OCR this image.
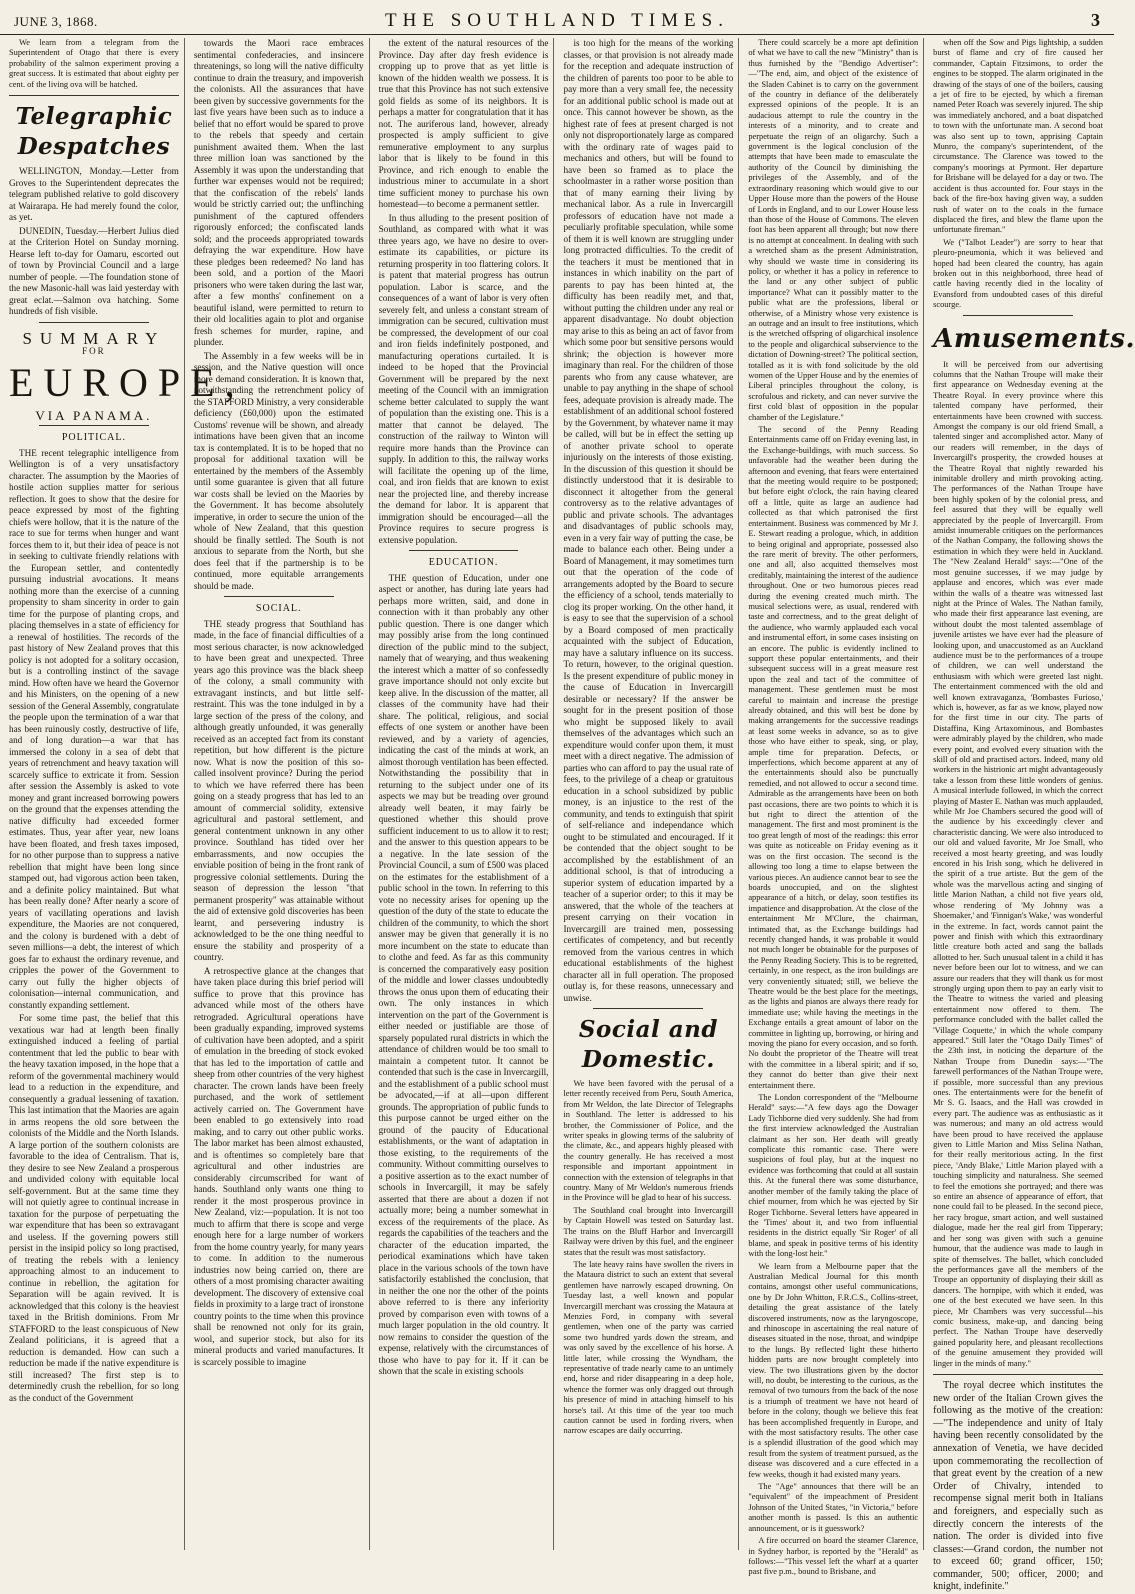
JUNE 3, 1868.	THE SOUTHLAND TIMES.	3

We learn from a telegram from the Superintendent of Otago that there is every probability of the salmon experiment proving a great success. It is estimated that about eighty per cent. of the living ova will be hatched.

Telegraphic Despatches

WELLINGTON, Monday.—Letter from Groves to the Superintendent deprecates the telegram published relative to gold discovery at Wairarapa. He had merely found the color, as yet.

DUNEDIN, Tuesday.—Herbert Julius died at the Criterion Hotel on Sunday morning. Hearse left to-day for Oamaru, escorted out of town by Provincial Council and a large number of people. —The foundation stone of the new Masonic-hall was laid yesterday with great eclat.—Salmon ova hatching. Some hundreds of fish visible.

SUMMARY
FOR
EUROPE,
VIA PANAMA.
POLITICAL.

THE recent telegraphic intelligence from Wellington is of a very unsatisfactory character. The assumption by the Maories of hostile action supplies matter for serious reflection. It goes to show that the desire for peace expressed by most of the fighting chiefs were hollow, that it is the nature of the race to sue for terms when hunger and want forces them to it, but their idea of peace is not in seeking to cultivate friendly relations with the European settler, and contentedly pursuing industrial avocations. It means nothing more than the exercise of a cunning propensity to sham sincerity in order to gain time for the purpose of planting crops, and placing themselves in a state of efficiency for a renewal of hostilities. The records of the past history of New Zealand proves that this policy is not adopted for a solitary occasion, but is a controlling instinct of the savage mind. How often have we heard the Governor and his Ministers, on the opening of a new session of the General Assembly, congratulate the people upon the termination of a war that has been ruinously costly, destructive of life, and of long duration—a war that has immersed the colony in a sea of debt that years of retrenchment and heavy taxation will scarcely suffice to extricate it from. Session after session the Assembly is asked to vote money and grant increased borrowing powers on the ground that the expenses attending the native difficulty had exceeded former estimates. Thus, year after year, new loans have been floated, and fresh taxes imposed, for no other purpose than to suppress a native rebellion that might have been long since stamped out, had vigorous action been taken, and a definite policy maintained. But what has been really done? After nearly a score of years of vacillating operations and lavish expenditure, the Maories are not conquered, and the colony is burdened with a debt of seven millions—a debt, the interest of which goes far to exhaust the ordinary revenue, and cripples the power of the Government to carry out fully the higher objects of colonisation—internal communication, and constantly expanding settlement.

For some time past, the belief that this vexatious war had at length been finally extinguished induced a feeling of partial contentment that led the public to bear with the heavy taxation imposed, in the hope that a reform of the governmental machinery would lead to a reduction in the expenditure, and consequently a gradual lessening of taxation. This last intimation that the Maories are again in arms reopens the old sore between the colonists of the Middle and the North Islands. A large portion of the southern colonists are favorable to the idea of Centralism. That is, they desire to see New Zealand a prosperous and undivided colony with equitable local self-government. But at the same time they will not quietly agree to continual increase in taxation for the purpose of perpetuating the war expenditure that has been so extravagant and useless. If the governing powers still persist in the insipid policy so long practised, of treating the rebels with a leniency approaching almost to an inducement to continue in rebellion, the agitation for Separation will be again revived. It is acknowledged that this colony is the heaviest taxed in the British dominions. From Mr STAFFORD to the least conspicuous of New Zealand politicians, it is agreed that a reduction is demanded. How can such a reduction be made if the native expenditure is still increased? The first step is to determinedly crush the rebellion, for so long as the conduct of the Government

towards the Maori race embraces sentimental confederacies, and insincere threatenings, so long will the native difficulty continue to drain the treasury, and impoverish the colonists. All the assurances that have been given by successive governments for the last five years have been such as to induce a belief that no effort would be spared to prove to the rebels that speedy and certain punishment awaited them. When the last three million loan was sanctioned by the Assembly it was upon the understanding that further war expenses would not be required; that the confiscation of the rebels' lands would be strictly carried out; the unflinching punishment of the captured offenders rigorously enforced; the confiscated lands sold; and the proceeds appropriated towards defraying the war expenditure. How have these pledges been redeemed? No land has been sold, and a portion of the Maori prisoners who were taken during the last war, after a few months' confinement on a beautiful island, were permitted to return to their old localities again to plot and organise fresh schemes for murder, rapine, and plunder.

The Assembly in a few weeks will be in session, and the Native question will once more demand consideration. It is known that, notwithstanding the retrenchment policy of the STAFFORD Ministry, a very considerable deficiency (£60,000) upon the estimated Customs' revenue will be shown, and already intimations have been given that an income tax is contemplated. It is to be hoped that no proposal for additional taxation will be entertained by the members of the Assembly until some guarantee is given that all future war costs shall be levied on the Maories by the Government. It has become absolutely imperative, in order to secure the union of the whole of New Zealand, that this question should be finally settled. The South is not anxious to separate from the North, but she does feel that if the partnership is to be continued, more equitable arrangements should be made.

SOCIAL.

THE steady progress that Southland has made, in the face of financial difficulties of a most serious character, is now acknowledged to have been great and unexpected. Three years ago this province was the black sheep of the colony, a small community with extravagant instincts, and but little self-restraint. This was the tone indulged in by a large section of the press of the colony, and although greatly unfounded, it was generally received as an accepted fact from its constant repetition, but how different is the picture now. What is now the position of this so-called insolvent province? During the period to which we have referred there has been going on a steady progress that has led to an amount of commercial solidity, extensive agricultural and pastoral settlement, and general contentment unknown in any other province. Southland has tided over her embarrassments, and now occupies the enviable position of being in the front rank of progressive colonial settlements. During the season of depression the lesson "that permanent prosperity" was attainable without the aid of extensive gold discoveries has been learnt, and persevering industry is acknowledged to be the one thing needful to ensure the stability and prosperity of a country.

A retrospective glance at the changes that have taken place during this brief period will suffice to prove that this province has advanced while most of the others have retrograded. Agricultural operations have been gradually expanding, improved systems of cultivation have been adopted, and a spirit of emulation in the breeding of stock evoked that has led to the importation of cattle and sheep from other countries of the very highest character. The crown lands have been freely purchased, and the work of settlement actively carried on. The Government have been enabled to go extensively into road making, and to carry out other public works. The labor market has been almost exhausted, and is oftentimes so completely bare that agricultural and other industries are considerably circumscribed for want of hands. Southland only wants one thing to render it the most prosperous province in New Zealand, viz:—population. It is not too much to affirm that there is scope and verge enough here for a large number of workers from the home country yearly, for many years to come. In addition to the numerous industries now being carried on, there are others of a most promising character awaiting development. The discovery of extensive coal fields in proximity to a large tract of ironstone country points to the time when this province shall be renowned not only for its grain, wool, and superior stock, but also for its mineral products and varied manufactures. It is scarcely possible to imagine

the extent of the natural resources of the Province. Day after day fresh evidence is cropping up to prove that as yet little is known of the hidden wealth we possess. It is true that this Province has not such extensive gold fields as some of its neighbors. It is perhaps a matter for congratulation that it has not. The auriferous land, however, already prospected is amply sufficient to give remunerative employment to any surplus labor that is likely to be found in this Province, and rich enough to enable the industrious miner to accumulate in a short time sufficient money to purchase his own homestead—to become a permanent settler.

In thus alluding to the present position of Southland, as compared with what it was three years ago, we have no desire to over-estimate its capabilities, or picture its returning prosperity in too flattering colors. It is patent that material progress has outrun population. Labor is scarce, and the consequences of a want of labor is very often severely felt, and unless a constant stream of immigration can be secured, cultivation must be compressed, the development of our coal and iron fields indefinitely postponed, and manufacturing operations curtailed. It is indeed to be hoped that the Provincial Government will be prepared by the next meeting of the Council with an immigration scheme better calculated to supply the want of population than the existing one. This is a matter that cannot be delayed. The construction of the railway to Winton will require more hands than the Province can supply. In addition to this, the railway works will facilitate the opening up of the lime, coal, and iron fields that are known to exist near the projected line, and thereby increase the demand for labor. It is apparent that immigration should be encouraged—all the Province requires to secure progress is extensive population.

EDUCATION.

THE question of Education, under one aspect or another, has during late years had perhaps more written, said, and done in connection with it than probably any other public question. There is one danger which may possibly arise from the long continued direction of the public mind to the subject, namely that of wearying, and thus weakening the interest which a matter of so confessedly grave importance should not only excite but keep alive. In the discussion of the matter, all classes of the community have had their share. The political, religious, and social effects of one system or another have been reviewed, and by a variety of agencies, indicating the cast of the minds at work, an almost thorough ventilation has been effected. Notwithstanding the possibility that in returning to the subject under one of its aspects we may but be treading over ground already well beaten, it may fairly be questioned whether this should prove sufficient inducement to us to allow it to rest; and the answer to this question appears to be a negative. In the late session of the Provincial Council, a sum of £500 was placed on the estimates for the establishment of a public school in the town. In referring to this vote no necessity arises for opening up the question of the duty of the state to educate the children of the community, to which the short answer may be given that generally it is no more incumbent on the state to educate than to clothe and feed. As far as this community is concerned the comparatively easy position of the middle and lower classes undoubtedly throws the onus upon them of educating their own. The only instances in which intervention on the part of the Government is either needed or justifiable are those of sparsely populated rural districts in which the attendance of children would be too small to maintain a competent tutor. It cannot be contended that such is the case in Invercargill, and the establishment of a public school must be advocated,—if at all—upon different grounds. The appropriation of public funds to this purpose cannot be urged either on the ground of the paucity of Educational establishments, or the want of adaptation in those existing, to the requirements of the community. Without committing ourselves to a positive assertion as to the exact number of schools in Invercargill, it may be safely asserted that there are about a dozen if not actually more; being a number somewhat in excess of the requirements of the place. As regards the capabilities of the teachers and the character of the education imparted, the periodical examinations which have taken place in the various schools of the town have satisfactorily established the conclusion, that in neither the one nor the other of the points above referred to is there any inferiority proved by comparison even with towns of a much larger population in the old country. It now remains to consider the question of the expense, relatively with the circumstances of those who have to pay for it. If it can be shown that the scale in existing schools

is too high for the means of the working classes, or that provision is not already made for the reception and adequate instruction of the children of parents too poor to be able to pay more than a very small fee, the necessity for an additional public school is made out at once. This cannot however be shown, as the highest rate of fees at present charged is not only not disproportionately large as compared with the ordinary rate of wages paid to mechanics and others, but will be found to have been so framed as to place the schoolmaster in a rather worse position than that of many earning their living by mechanical labor. As a rule in Invercargill professors of education have not made a peculiarly profitable speculation, while some of them it is well known are struggling under long protracted difficulties. To the credit of the teachers it must be mentioned that in instances in which inability on the part of parents to pay has been hinted at, the difficulty has been readily met, and that, without putting the children under any real or apparent disadvantage. No doubt objection may arise to this as being an act of favor from which some poor but sensitive persons would shrink; the objection is however more imaginary than real. For the children of those parents who from any cause whatever, are unable to pay anything in the shape of school fees, adequate provision is already made. The establishment of an additional school fostered by the Government, by whatever name it may be called, will but be in effect the setting up of another private school to operate injuriously on the interests of those existing. In the discussion of this question it should be distinctly understood that it is desirable to disconnect it altogether from the general controversy as to the relative advantages of public and private schools. The advantages and disadvantages of public schools may, even in a very fair way of putting the case, be made to balance each other. Being under a Board of Management, it may sometimes turn out that the operation of the code of arrangements adopted by the Board to secure the efficiency of a school, tends materially to clog its proper working. On the other hand, it is easy to see that the supervision of a school by a Board composed of men practically acquainted with the subject of Education, may have a salutary influence on its success. To return, however, to the original question. Is the present expenditure of public money in the cause of Education in Invercargill desirable or necessary? If the answer be sought for in the present position of those who might be supposed likely to avail themselves of the advantages which such an expenditure would confer upon them, it must meet with a direct negative. The admission of parties who can afford to pay the usual rate of fees, to the privilege of a cheap or gratuitous education in a school subsidized by public money, is an injustice to the rest of the community, and tends to extinguish that spirit of self-reliance and independance which ought to be stimulated and encouraged. If it be contended that the object sought to be accomplished by the establishment of an additional school, is that of introducing a superior system of education imparted by a teacher of a superior order; to this it may be answered, that the whole of the teachers at present carrying on their vocation in Invercargill are trained men, possessing certificates of competency, and but recently removed from the various centres in which educational establishments of the highest character all in full operation. The proposed outlay is, for these reasons, unnecessary and unwise.

Social and Domestic.

We have been favored with the perusal of a letter recently received from Peru, South America, from Mr Weldon, the late Director of Telegraphs in Southland. The letter is addressed to his brother, the Commissioner of Police, and the writer speaks in glowing terms of the salubrity of the climate, &c., and appears highly pleased with the country generally. He has received a most responsible and important appointment in connection with the extension of telegraphs in that country. Many of Mr Weldon's numerous friends in the Province will be glad to hear of his success.

The Southland coal brought into Invercargill by Captain Howell was tested on Saturday last. The trains on the Bluff Harbor and Invercargill Railway were driven by this fuel, and the engineer states that the result was most satisfactory.

The late heavy rains have swollen the rivers in the Mataura district to such an extent that several gentlemen have narrowly escaped drowning. On Tuesday last, a well known and popular Invercargill merchant was crossing the Mataura at Menzies Ford, in company with several gentlemen, when one of the party was carried some two hundred yards down the stream, and was only saved by the excellence of his horse. A little later, while crossing the Wyndham, the representative of trade nearly came to an untimely end, horse and rider disappearing in a deep hole, whence the former was only dragged out through his presence of mind in attaching himself to his horse's tail. At this time of the year too much caution cannot be used in fording rivers, when narrow escapes are daily occurring.

There could scarcely be a more apt definition of what we have to call the new "Ministry" than is thus furnished by the "Bendigo Advertiser":—"The end, aim, and object of the existence of the Sladen Cabinet is to carry on the government of the country in defiance of the deliberately expressed opinions of the people. It is an audacious attempt to rule the country in the interests of a minority, and to create and perpetuate the reign of an oligarchy. Such a government is the logical conclusion of the attempts that have been made to emasculate the authority of the Council by diminishing the privileges of the Assembly, and of the extraordinary reasoning which would give to our Upper House more than the powers of the House of Lords in England, and to our Lower House less than those of the House of Commons. The eleven foot has been apparent all through; but now there is no attempt at concealment. In dealing with such a wretched sham as the present Administration, why should we waste time in considering its policy, or whether it has a policy in reference to the land or any other subject of public importance? What can it possibly matter to the public what are the professions, liberal or otherwise, of a Ministry whose very existence is an outrage and an insult to free institutions, which is the wretched offspring of oligarchical insolence to the people and oligarchical subservience to the dictation of Downing-street? The political section, totalled as it is with fond solicitude by the old women of the Upper House and by the enemies of Liberal principles throughout the colony, is scrofulous and rickety, and can never survive the first cold blast of opposition in the popular chamber of the Legislature."

The second of the Penny Reading Entertainments came off on Friday evening last, in the Exchange-buildings, with much success. So unfavorable had the weather been during the afternoon and evening, that fears were entertained that the meeting would require to be postponed; but before eight o'clock, the rain having cleared off a little, quite as large an audience had collected as that which patronised the first entertainment. Business was commenced by Mr J. E. Stewart reading a prologue, which, in addition to being original and appropriate, possessed also the rare merit of brevity. The other performers, one and all, also acquitted themselves most creditably, maintaining the interest of the audience throughout. One or two humorous pieces read during the evening created much mirth. The musical selections were, as usual, rendered with taste and correctness, and to the great delight of the audience, who warmly applauded each vocal and instrumental effort, in some cases insisting on an encore. The public is evidently inclined to support these popular entertainments, and their subsequent success will in a great measure rest upon the zeal and tact of the committee of management. These gentlemen must be most careful to maintain and increase the prestige already obtained, and this will best be done by making arrangements for the successive readings at least some weeks in advance, so as to give those who have either to speak, sing, or play, ample time for preparation. Defects, or imperfections, which become apparent at any of the entertainments should also be punctually remedied, and not allowed to occur a second time. Admirable as the arrangements have been on both past occasions, there are two points to which it is but right to direct the attention of the management. The first and most prominent is the too great length of most of the readings: this error was quite as noticeable on Friday evening as it was on the first occasion. The second is the allowing too long a time to elapse between the various pieces. An audience cannot bear to see the boards unoccupied, and on the slightest appearance of a hitch, or delay, soon testifies its impatience and disapprobation. At the close of the entertainment Mr M'Clure, the chairman, intimated that, as the Exchange buildings had recently changed hands, it was probable it would not much longer be obtainable for the purposes of the Penny Reading Society. This is to be regretted, certainly, in one respect, as the iron buildings are very conveniently situated; still, we believe the Theatre would be the best place for the meetings, as the lights and pianos are always there ready for immediate use; while having the meetings in the Exchange entails a great amount of labor on the committee in lighting up, borrowing, or hiring and moving the piano for every occasion, and so forth. No doubt the proprietor of the Theatre will treat with the committee in a liberal spirit; and if so, they cannot do better than give their next entertainment there.

The London correspondent of the "Melbourne Herald" says:—"A few days ago the Dowager Lady Tichborne died very suddenly. She had from the first interview acknowledged the Australian claimant as her son. Her death will greatly complicate this romantic case. There were suspicions of foul play, but at the inquest no evidence was forthcoming that could at all sustain this. At the funeral there was some disturbance, another member of the family taking the place of chief mourner, from which he was ejected by Sir Roger Tichborne. Several letters have appeared in the 'Times' about it, and two from influential residents in the district equally 'Sir Roger' of all blame, and speak in positive terms of his identity with the long-lost heir."

We learn from a Melbourne paper that the Australian Medical Journal for this month contains, amongst other useful communications, one by Dr John Whitton, F.R.C.S., Collins-street, detailing the great assistance of the lately discovered instruments, now as the laryngoscope, and rhinoscope in ascertaining the real nature of diseases situated in the nose, throat, and windpipe to the lungs. By reflected light these hitherto hidden parts are now brought completely into view. The two illustrations given by the doctor will, no doubt, be interesting to the curious, as the removal of two tumours from the back of the nose is a triumph of treatment we have not heard of before in the colony, though we believe this feat has been accomplished frequently in Europe, and with the most satisfactory results. The other case is a splendid illustration of the good which may result from the system of treatment pursued, as the disease was discovered and a cure effected in a few weeks, though it had existed many years.

The "Age" announces that there will be an "equivalent" of the impeachment of President Johnson of the United States, "in Victoria," before another month is passed. Is this an authentic announcement, or is it guesswork?

A fire occurred on board the steamer Clarence, in Sydney harbor, is reported by the "Herald" as follows:—"This vessel left the wharf at a quarter past five p.m., bound to Brisbane, and

when off the Sow and Pigs lightship, a sudden burst of flame and cry of fire caused her commander, Captain Fitzsimons, to order the engines to be stopped. The alarm originated in the drawing of the stays of one of the boilers, causing a jet of fire to be ejected, by which a fireman named Peter Roach was severely injured. The ship was immediately anchored, and a boat dispatched to town with the unfortunate man. A second boat was also sent up to town, apprising Captain Munro, the company's superintendent, of the circumstance. The Clarence was towed to the company's moorings at Pyrmont. Her departure for Brisbane will be delayed for a day or two. The accident is thus accounted for. Four stays in the back of the fire-box having given way, a sudden rush of water on to the coals in the furnace displaced the fires, and blew the flame upon the unfortunate fireman."

We ("Talbot Leader") are sorry to hear that pleuro-pneumonia, which it was believed and hoped had been cleared the country, has again broken out in this neighborhood, three head of cattle having recently died in the locality of Evansford from undoubted cases of this direful scourge.

Amusements.

It will be perceived from our advertising columns that the Nathan Troupe will make their first appearance on Wednesday evening at the Theatre Royal. In every province where this talented company have performed, their entertainments have been crowned with success. Amongst the company is our old friend Small, a talented singer and accomplished actor. Many of our readers will remember, in the days of Invercargill's prosperity, the crowded houses at the Theatre Royal that nightly rewarded his inimitable drollery and mirth provoking acting. The performances of the Nathan Troupe have been highly spoken of by the colonial press, and feel assured that they will be equally well appreciated by the people of Invercargill. From amidst innumerable critiques on the performances of the Nathan Company, the following shows the estimation in which they were held in Auckland. The "New Zealand Herald" says:—"One of the most genuine successes, if we may judge by applause and encores, which was ever made within the walls of a theatre was witnessed last night at the Prince of Wales. The Nathan family, who made their first appearance last evening, are without doubt the most talented assemblage of juvenile artistes we have ever had the pleasure of looking upon, and unaccustomed as an Auckland audience must be to the performances of a troupe of children, we can well understand the enthusiasm with which were greeted last night. The entertainment commenced with the old and well known extravaganza, 'Bombastes Furioso,' which is, however, as far as we know, played now for the first time in our city. The parts of Distaffina, King Artaxominous, and Bombastes were admirably played by the children, who made every point, and evolved every situation with the skill of old and practised actors. Indeed, many old workers in the histrionic art might advantageously take a lesson from these little wonders of genius. A musical interlude followed, in which the correct playing of Master E. Nathan was much applauded, while Mr Joe Chambers secured the good will of the audience by his exceedingly clever and characteristic dancing. We were also introduced to our old and valued favorite, Mr Joe Small, who received a most hearty greeting, and was loudly encored in his Irish song, which he delivered in the spirit of a true artiste. But the gem of the whole was the marvellous acting and singing of little Marion Nathan, a child not five years old, whose rendering of 'My Johnny was a Shoemaker,' and 'Finnigan's Wake,' was wonderful in the extreme. In fact, words cannot paint the power and finish with which this extraordinary little creature both acted and sang the ballads allotted to her. Such unusual talent in a child it has never before been our lot to witness, and we can assure our readers that they will thank us for most strongly urging upon them to pay an early visit to the Theatre to witness the varied and pleasing entertainment now offered to them. The performance concluded with the ballet called the 'Village Coquette,' in which the whole company appeared." Still later the "Otago Daily Times" of the 23th inst, in noticing the departure of the Nathan Troupe from Dunedin says:—"The farewell performances of the Nathan Troupe were, if possible, more successful than any previous ones. The entertainments were for the benefit of Mr S. G. Isaacs, and the Hall was crowded in every part. The audience was as enthusiastic as it was numerous; and many an old actress would have been proud to have received the applause given to Little Marion and Miss Selina Nathan, for their really meritorious acting. In the first piece, 'Andy Blake,' Little Marion played with a touching simplicity and naturalness. She seemed to feel the emotions she portrayed; and there was so entire an absence of appearance of effort, that none could fail to be pleased. In the second piece, her racy brogue, smart action, and well sustained dialogue, made her the real girl from Tipperary; and her song was given with such a genuine humour, that the audience was made to laugh in spite of themselves. The ballet, which concluded the performances gave all the members of the Troupe an opportunity of displaying their skill as dancers. The hornpipe, with which it ended, was one of the best executed we have seen. In this piece, Mr Chambers was very successful—his comic business, make-up, and dancing being perfect. The Nathan Troupe have deservedly gained popularity here, and pleasant recollections of the genuine amusement they provided will linger in the minds of many."

The royal decree which institutes the new order of the Italian Crown gives the following as the motive of the creation:—"The independence and unity of Italy having been recently consolidated by the annexation of Venetia, we have decided upon commemorating the recollection of that great event by the creation of a new Order of Chivalry, intended to recompense signal merit both in Italians and foreigners, and especially such as directly concern the interests of the nation. The order is divided into five classes:—Grand cordon, the number not to exceed 60; grand officer, 150; commander, 500; officer, 2000; and knight, indefinite."
